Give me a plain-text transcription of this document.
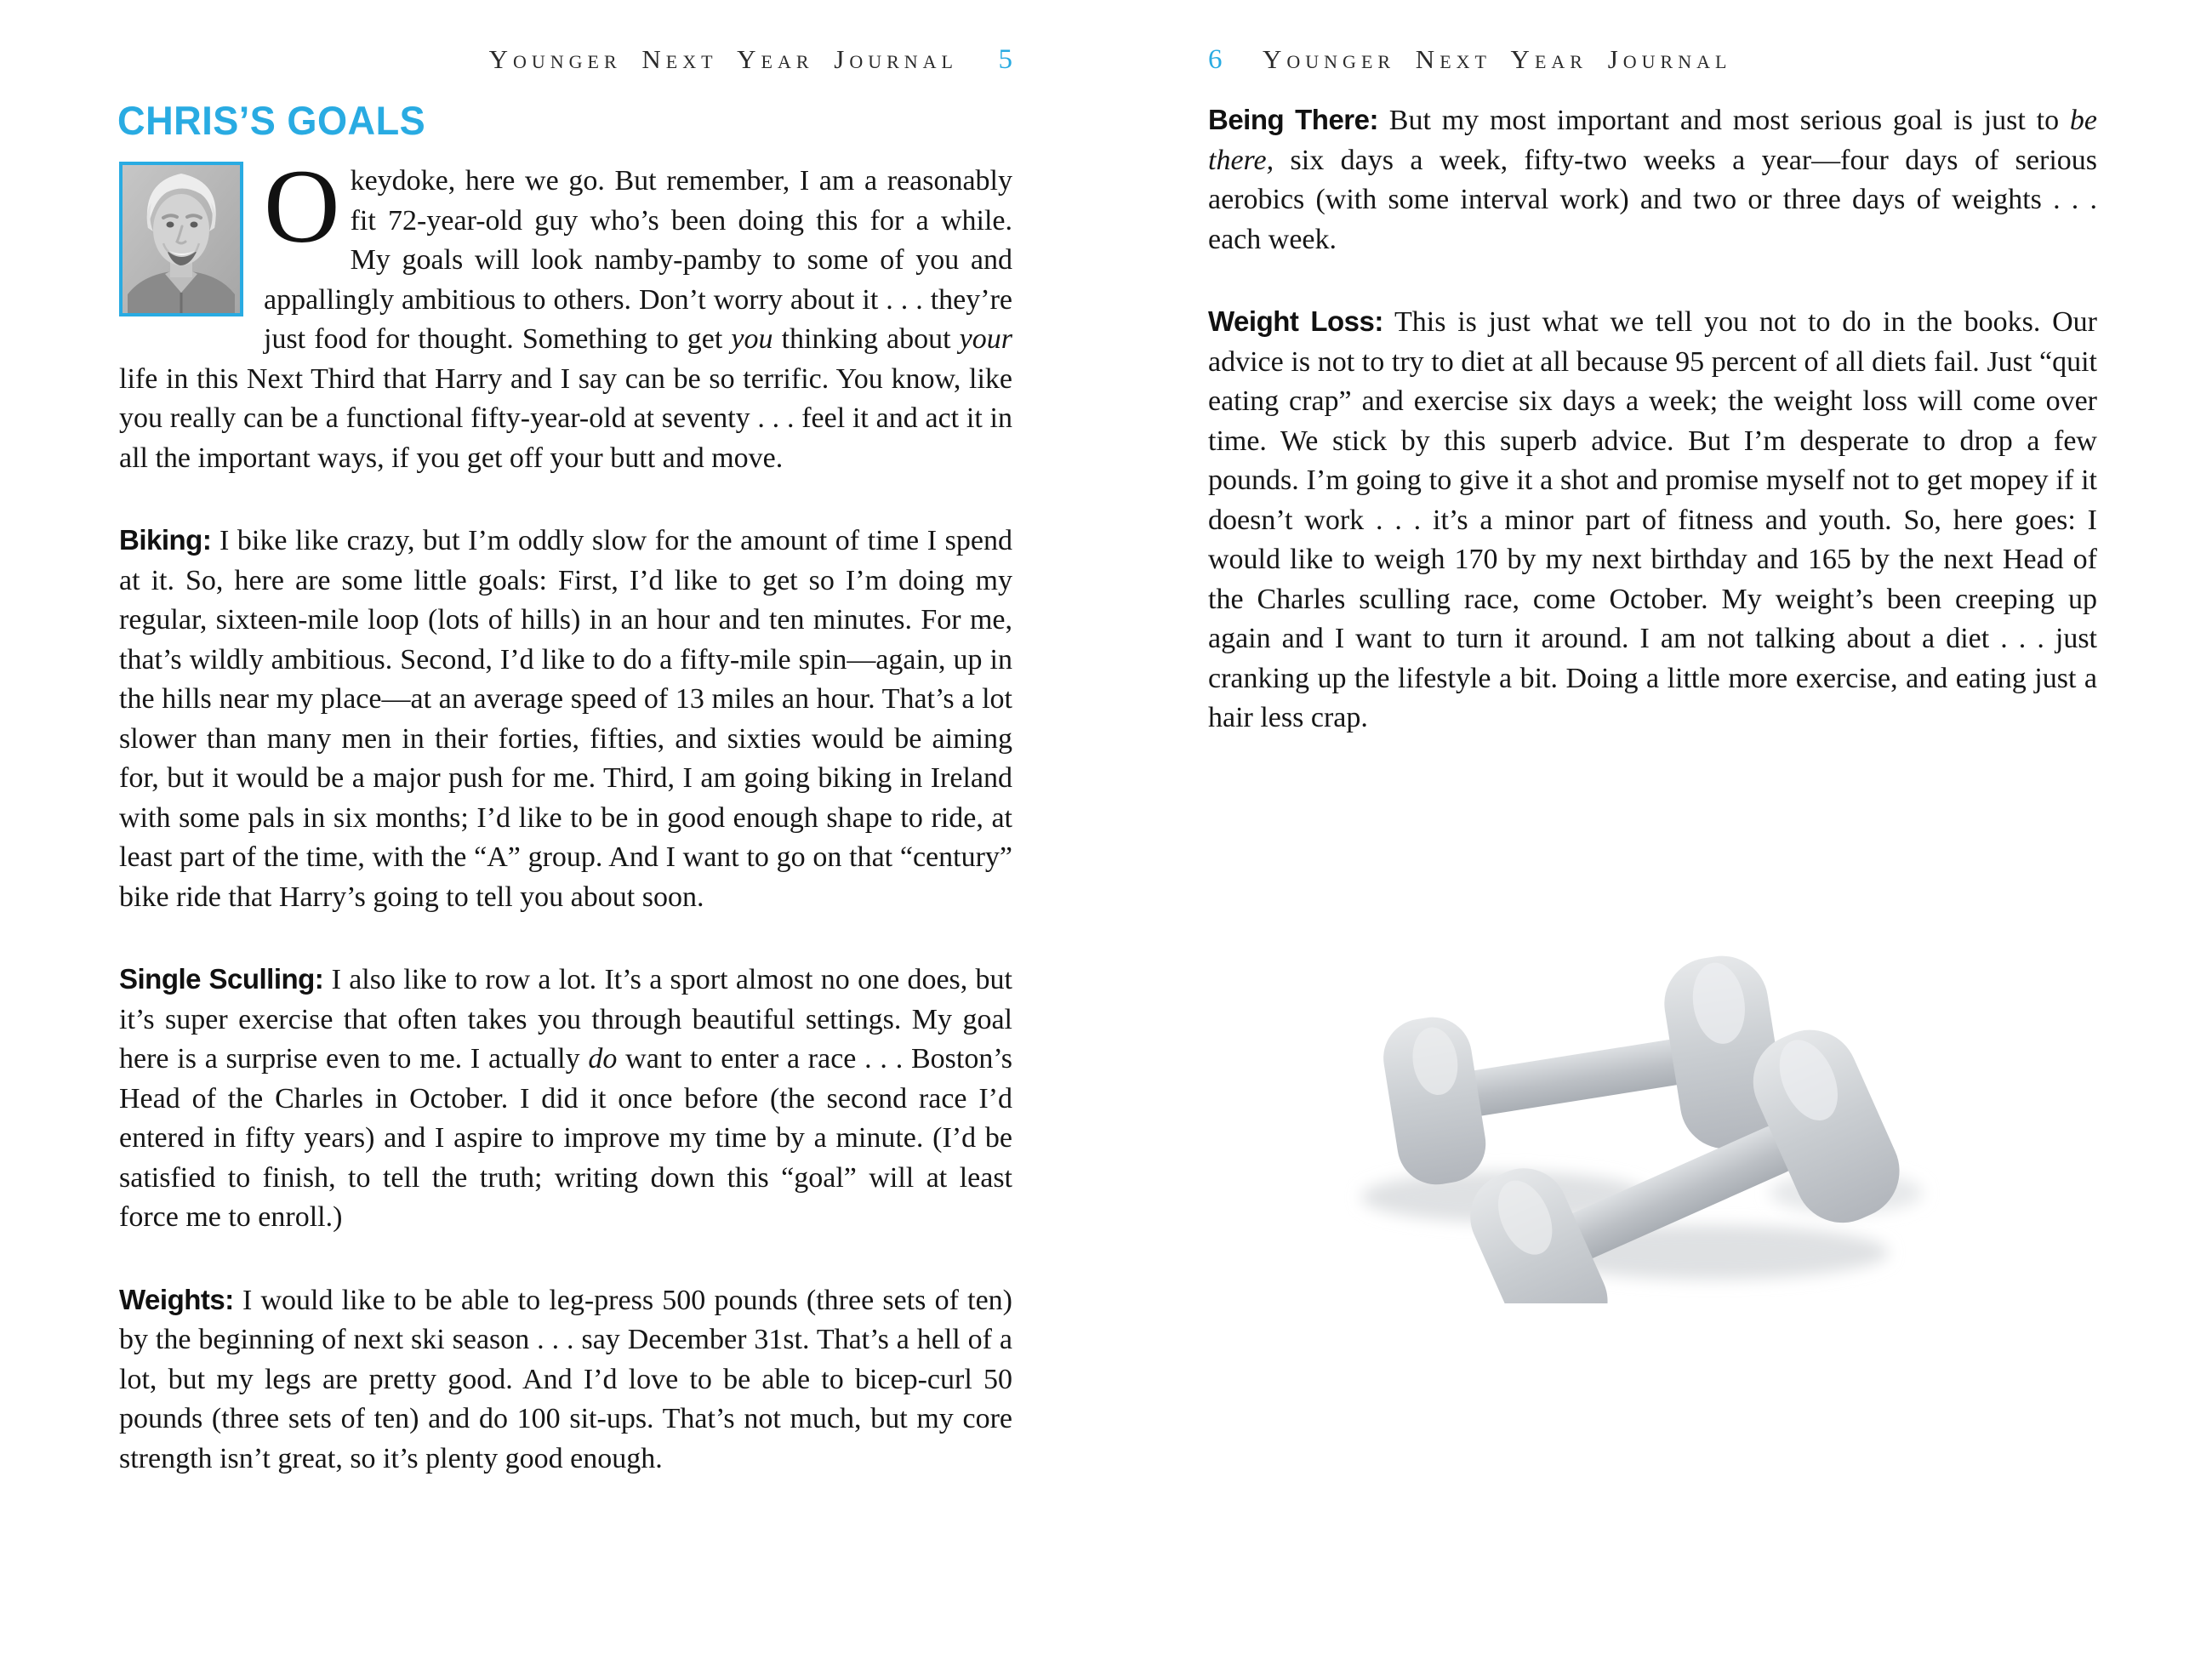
Younger Next Year Journal 5	6 Younger Next Year Journal
CHRIS’S GOALS

Okeydoke, here we go. But remember, I am a reasonably fit 72-year-old guy who’s been doing this for a while. My goals will look namby-pamby to some of you and appallingly ambitious to others. Don’t worry about it . . . they’re just food for thought. Something to get you thinking about your life in this Next Third that Harry and I say can be so terrific. You know, like you really can be a functional fifty-year-old at seventy . . . feel it and act it in all the important ways, if you get off your butt and move.

Biking: I bike like crazy, but I’m oddly slow for the amount of time I spend at it. So, here are some little goals: First, I’d like to get so I’m doing my regular, sixteen-mile loop (lots of hills) in an hour and ten minutes. For me, that’s wildly ambitious. Second, I’d like to do a fifty-mile spin—again, up in the hills near my place—at an average speed of 13 miles an hour. That’s a lot slower than many men in their forties, fifties, and sixties would be aiming for, but it would be a major push for me. Third, I am going biking in Ireland with some pals in six months; I’d like to be in good enough shape to ride, at least part of the time, with the “A” group. And I want to go on that “century” bike ride that Harry’s going to tell you about soon.

Single Sculling: I also like to row a lot. It’s a sport almost no one does, but it’s super exercise that often takes you through beautiful settings. My goal here is a surprise even to me. I actually do want to enter a race . . . Boston’s Head of the Charles in October. I did it once before (the second race I’d entered in fifty years) and I aspire to improve my time by a minute. (I’d be satisfied to finish, to tell the truth; writing down this “goal” will at least force me to enroll.)

Weights: I would like to be able to leg-press 500 pounds (three sets of ten) by the beginning of next ski season . . . say December 31st. That’s a hell of a lot, but my legs are pretty good. And I’d love to be able to bicep-curl 50 pounds (three sets of ten) and do 100 sit-ups. That’s not much, but my core strength isn’t great, so it’s plenty good enough.

Being There: But my most important and most serious goal is just to be there, six days a week, fifty-two weeks a year—four days of serious aerobics (with some interval work) and two or three days of weights . . . each week.

Weight Loss: This is just what we tell you not to do in the books. Our advice is not to try to diet at all because 95 percent of all diets fail. Just “quit eating crap” and exercise six days a week; the weight loss will come over time. We stick by this superb advice. But I’m desperate to drop a few pounds. I’m going to give it a shot and promise myself not to get mopey if it doesn’t work . . . it’s a minor part of fitness and youth. So, here goes: I would like to weigh 170 by my next birthday and 165 by the next Head of the Charles sculling race, come October. My weight’s been creeping up again and I want to turn it around. I am not talking about a diet . . . just cranking up the lifestyle a bit. Doing a little more exercise, and eating just a hair less crap.
